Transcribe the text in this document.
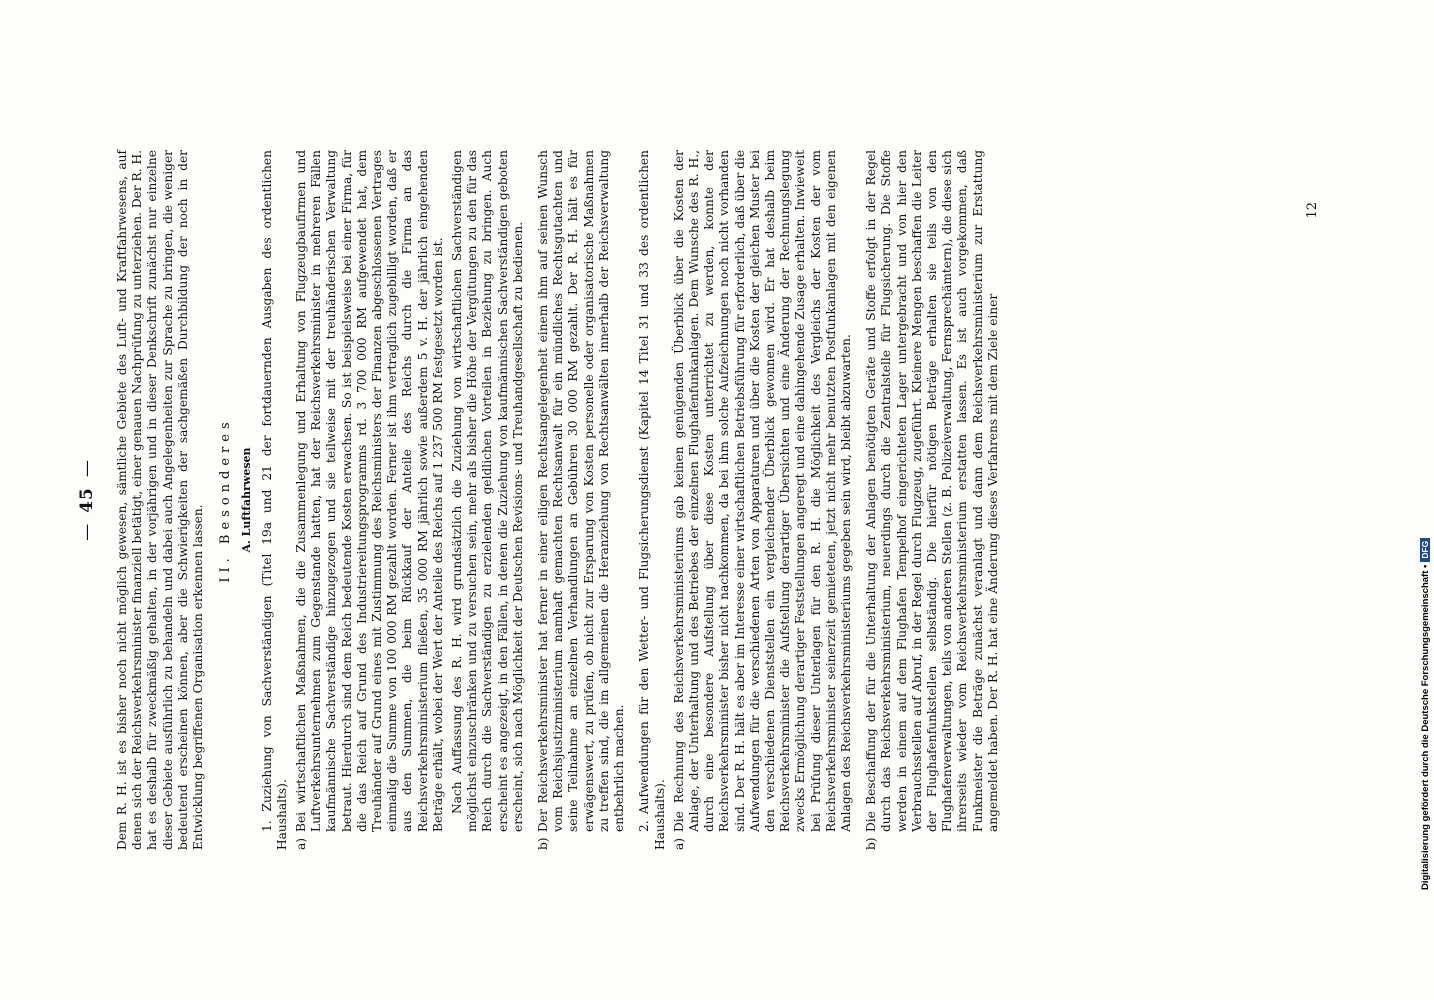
—45— Dem R. H. ist es bisher noch nicht möglich gewesen, sämtliche Gebiete des Luft- und Kraftfahrwesens, auf denen sich der Reichsverkehrsminister finanziell betätigt, einer genauen Nachprüfung zu unterziehen. Der R. H. hat es deshalb für zweckmäßig gehalten, in der vorjährigen und in dieser Denkschrift zunächst nur einzelne dieser Gebiete ausführlich zu behandeln und dabei auch Angelegenheiten zur Sprache zu bringen, die weniger bedeutend erscheinen können, aber die Schwierigkeiten der sachgemäßen Durchbildung der noch in der Entwicklung begriffenen Organisation erkennen lassen.

II. Besonderes A. Luftfahrwesen 1. Zuziehung von Sachverständigen (Titel 19a und 21 der fortdauernden Ausgaben des ordentlichen Haushalts). a)

Bei wirtschaftlichen Maßnahmen, die die Zusammenlegung und Erhaltung von Flugzeugbaufirmen und Luftverkehrsunternehmen zum Gegenstande hatten, hat der Reichsverkehrsminister in mehreren Fällen kaufmännische Sachverständige hinzugezogen und sie teilweise mit der treuhänderischen Verwaltung betraut. Hierdurch sind dem Reich bedeutende Kosten erwachsen. So ist beispielsweise bei einer Firma, für die das Reich auf Grund des Industriereitungsprogramms rd. 3 700 000 RM aufgewendet hat, dem Treuhänder auf Grund eines mit Zustimmung des Reichsministers der Finanzen abgeschlossenen Vertrages einmalig die Summe von 100 000 RM gezahlt worden. Ferner ist ihm vertraglich zugebilligt worden, daß er aus den Summen, die beim Rückkauf der Anteile des Reichs durch die Firma an das Reichsverkehrsministerium fließen, 35 000 RM jährlich sowie außerdem 5 v. H. der jährlich eingehenden Beträge erhält, wobei der Wert der Anteile des Reichs auf 1 237 500 RM festgesetzt worden ist. Nach Auffassung des R. H. wird grundsätzlich die Zuziehung von wirtschaftlichen Sachverständigen möglichst einzuschränken und zu versuchen sein, mehr als bisher die Höhe der Vergütungen zu den für das Reich durch die Sachverständigen zu erzielenden geldlichen Vorteilen in Beziehung zu bringen. Auch erscheint es angezeigt, in den Fällen, in denen die Zuziehung von kaufmännischen Sachverständigen geboten erscheint, sich nach Möglichkeit der Deutschen Revisions- und Treuhandgesellschaft zu bedienen.

b)

Der Reichsverkehrsminister hat ferner in einer eiligen Rechtsangelegenheit einem ihm auf seinen Wunsch vom Reichsjustizministerium namhaft gemachten Rechtsanwalt für ein mündliches Rechtsgutachten und seine Teilnahme an einzelnen Verhandlungen an Gebühren 30 000 RM gezahlt. Der R. H. hält es für erwägenswert, zu prüfen, ob nicht zur Ersparung von Kosten personelle oder organisatorische Maßnahmen zu treffen sind, die im allgemeinen die Heranziehung von Rechtsanwälten innerhalb der Reichsverwaltung entbehrlich machen. 2. Aufwendungen für den Wetter- und Flugsicherungsdienst (Kapitel 14 Titel 31 und 33 des ordentlichen Haushalts). a)

Die Rechnung des Reichsverkehrsministeriums gab keinen genügenden Überblick über die Kosten der Anlage, der Unterhaltung und des Betriebes der einzelnen Flughafenfunkanlagen. Dem Wunsche des R. H., durch eine besondere Aufstellung über diese Kosten unterrichtet zu werden, konnte der Reichsverkehrsminister bisher nicht nachkommen, da bei ihm solche Aufzeichnungen noch nicht vorhanden sind. Der R. H. hält es aber im Interesse einer wirtschaftlichen Betriebsführung für erforderlich, daß über die Aufwendungen für die verschiedenen Arten von Apparaturen und über die Kosten der gleichen Muster bei den verschiedenen Dienststellen ein vergleichender Überblick gewonnen wird. Er hat deshalb beim Reichsverkehrsminister die Aufstellung derartiger Übersichten und eine Änderung der Rechnungslegung zwecks Ermöglichung derartiger Feststellungen angeregt und eine dahingehende Zusage erhalten. Inwieweit bei Prüfung dieser Unterlagen für den R. H. die Möglichkeit des Vergleichs der Kosten der vom Reichsverkehrsminister seinerzeit gemieteten, jetzt nicht mehr benutzten Postfunkanlagen mit den eigenen Anlagen des Reichsverkehrsministeriums gegeben sein wird, bleibt abzuwarten.

b)

Die Beschaffung der für die Unterhaltung der Anlagen benötigten Geräte und Stoffe erfolgt in der Regel durch das Reichsverkehrsministerium, neuerdings durch die Zentralstelle für Flugsicherung. Die Stoffe werden in einem auf dem Flughafen Tempelhof eingerichteten Lager untergebracht und von hier den Verbrauchsstellen auf Abruf, in der Regel durch Flugzeug, zugeführt. Kleinere Mengen beschaffen die Leiter der Flughafenfunkstellen selbständig. Die hierfür nötigen Beträge erhalten sie teils von den Flughafenverwaltungen, teils von anderen Stellen (z. B. Polizeiverwaltung, Fernsprechämtern), die diese sich ihrerseits wieder vom Reichsverkehrsministerium erstatten lassen. Es ist auch vorgekommen, daß Funkmeister die Beträge zunächst veranlagt und dann dem Reichsverkehrsministerium zur Erstattung angemeldet haben. Der R. H. hat eine Änderung dieses Verfahrens mit dem Ziele einer

12
Digitalisierung gefördert durch die Deutsche Forschungsgemeinschaft •DFG
